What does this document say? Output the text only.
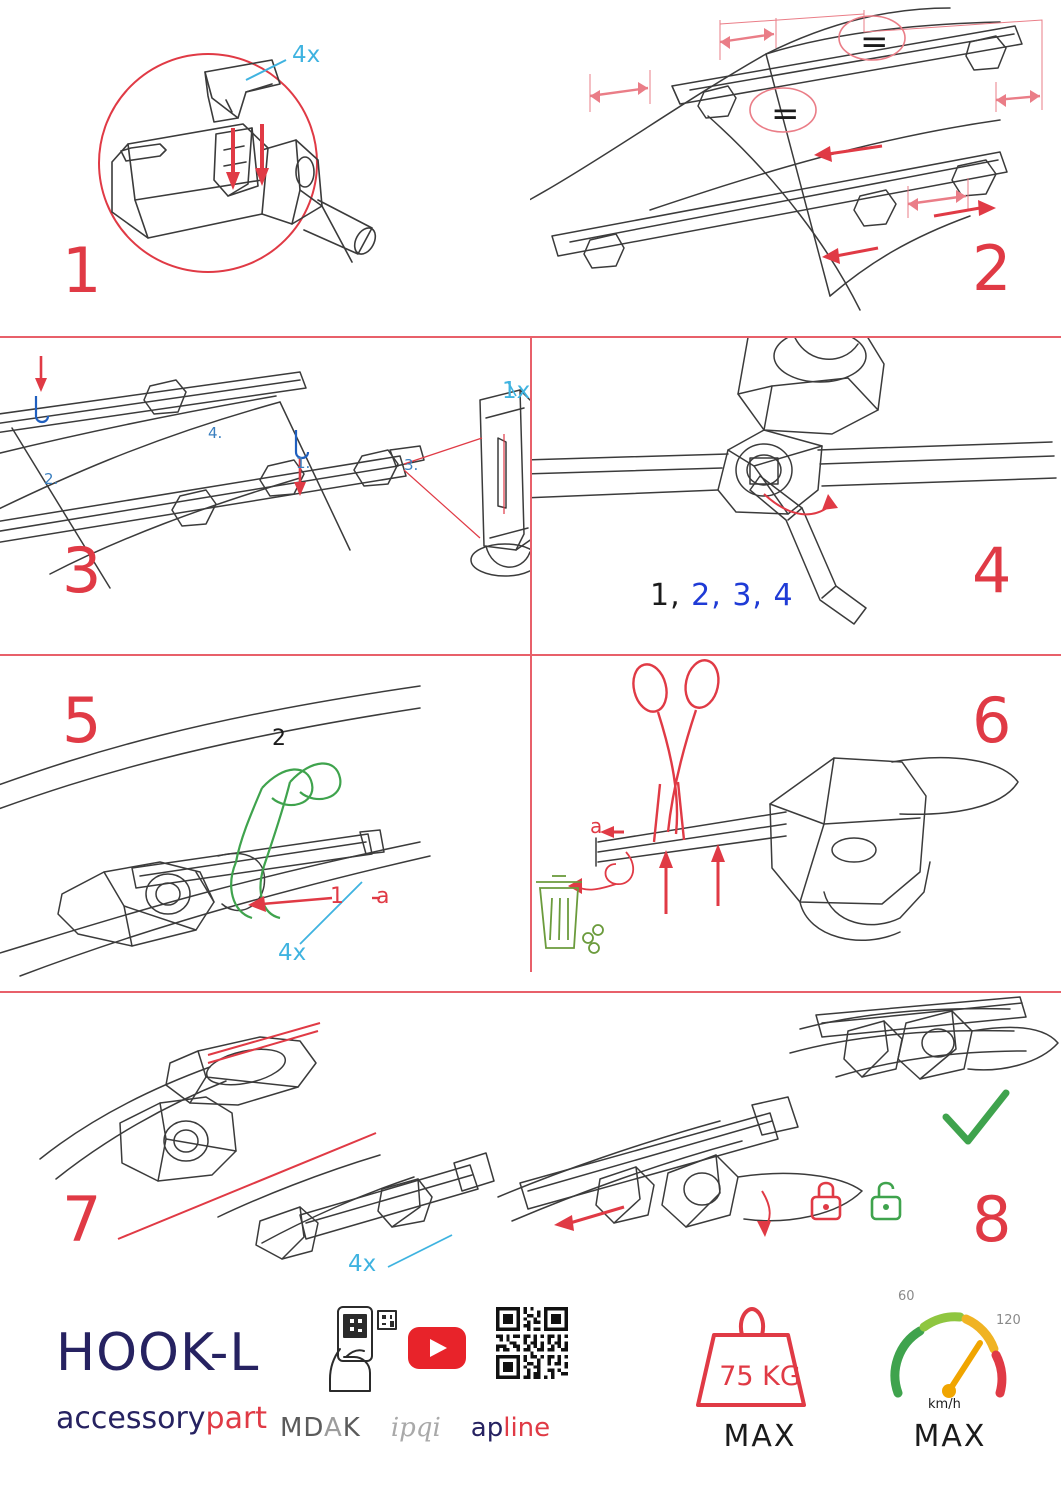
4x
1
=
=
2
2.
1.	3.
4.
1x
3	1, 2, 3, 4	4
1
2
a
4x
5
a
6
4x
7	8
HOOK-L
accessorypart MDAK ipqi apline
75 KG
MAX
60
120
km/h
MAX
